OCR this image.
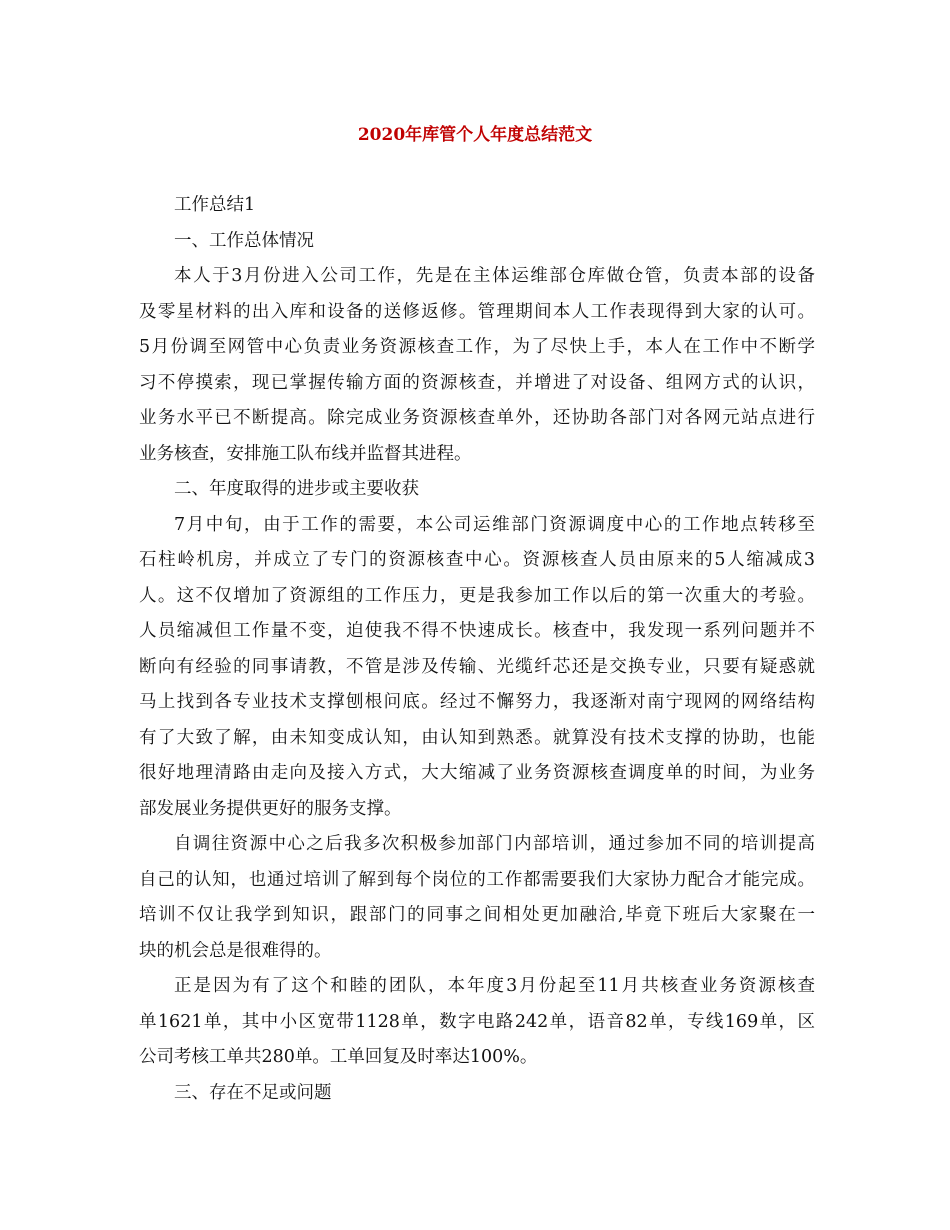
2020年库管个人年度总结范文
工作总结1
一、工作总体情况
本人于3月份进入公司工作，先是在主体运维部仓库做仓管，负责本部的设备
及零星材料的出入库和设备的送修返修。管理期间本人工作表现得到大家的认可。
5月份调至网管中心负责业务资源核查工作，为了尽快上手，本人在工作中不断学
习不停摸索，现已掌握传输方面的资源核查，并增进了对设备、组网方式的认识，
业务水平已不断提高。除完成业务资源核查单外，还协助各部门对各网元站点进行
业务核查，安排施工队布线并监督其进程。
二、年度取得的进步或主要收获
7月中旬，由于工作的需要，本公司运维部门资源调度中心的工作地点转移至
石柱岭机房，并成立了专门的资源核查中心。资源核查人员由原来的5人缩减成3
人。这不仅增加了资源组的工作压力，更是我参加工作以后的第一次重大的考验。
人员缩减但工作量不变，迫使我不得不快速成长。核查中，我发现一系列问题并不
断向有经验的同事请教，不管是涉及传输、光缆纤芯还是交换专业，只要有疑惑就
马上找到各专业技术支撑刨根问底。经过不懈努力，我逐渐对南宁现网的网络结构
有了大致了解，由未知变成认知，由认知到熟悉。就算没有技术支撑的协助，也能
很好地理清路由走向及接入方式，大大缩减了业务资源核查调度单的时间，为业务
部发展业务提供更好的服务支撑。
自调往资源中心之后我多次积极参加部门内部培训，通过参加不同的培训提高
自己的认知，也通过培训了解到每个岗位的工作都需要我们大家协力配合才能完成。
培训不仅让我学到知识，跟部门的同事之间相处更加融洽,毕竟下班后大家聚在一
块的机会总是很难得的。
正是因为有了这个和睦的团队，本年度3月份起至11月共核查业务资源核查
单1621单，其中小区宽带1128单，数字电路242单，语音82单，专线169单，区
公司考核工单共280单。工单回复及时率达100%。
三、存在不足或问题
